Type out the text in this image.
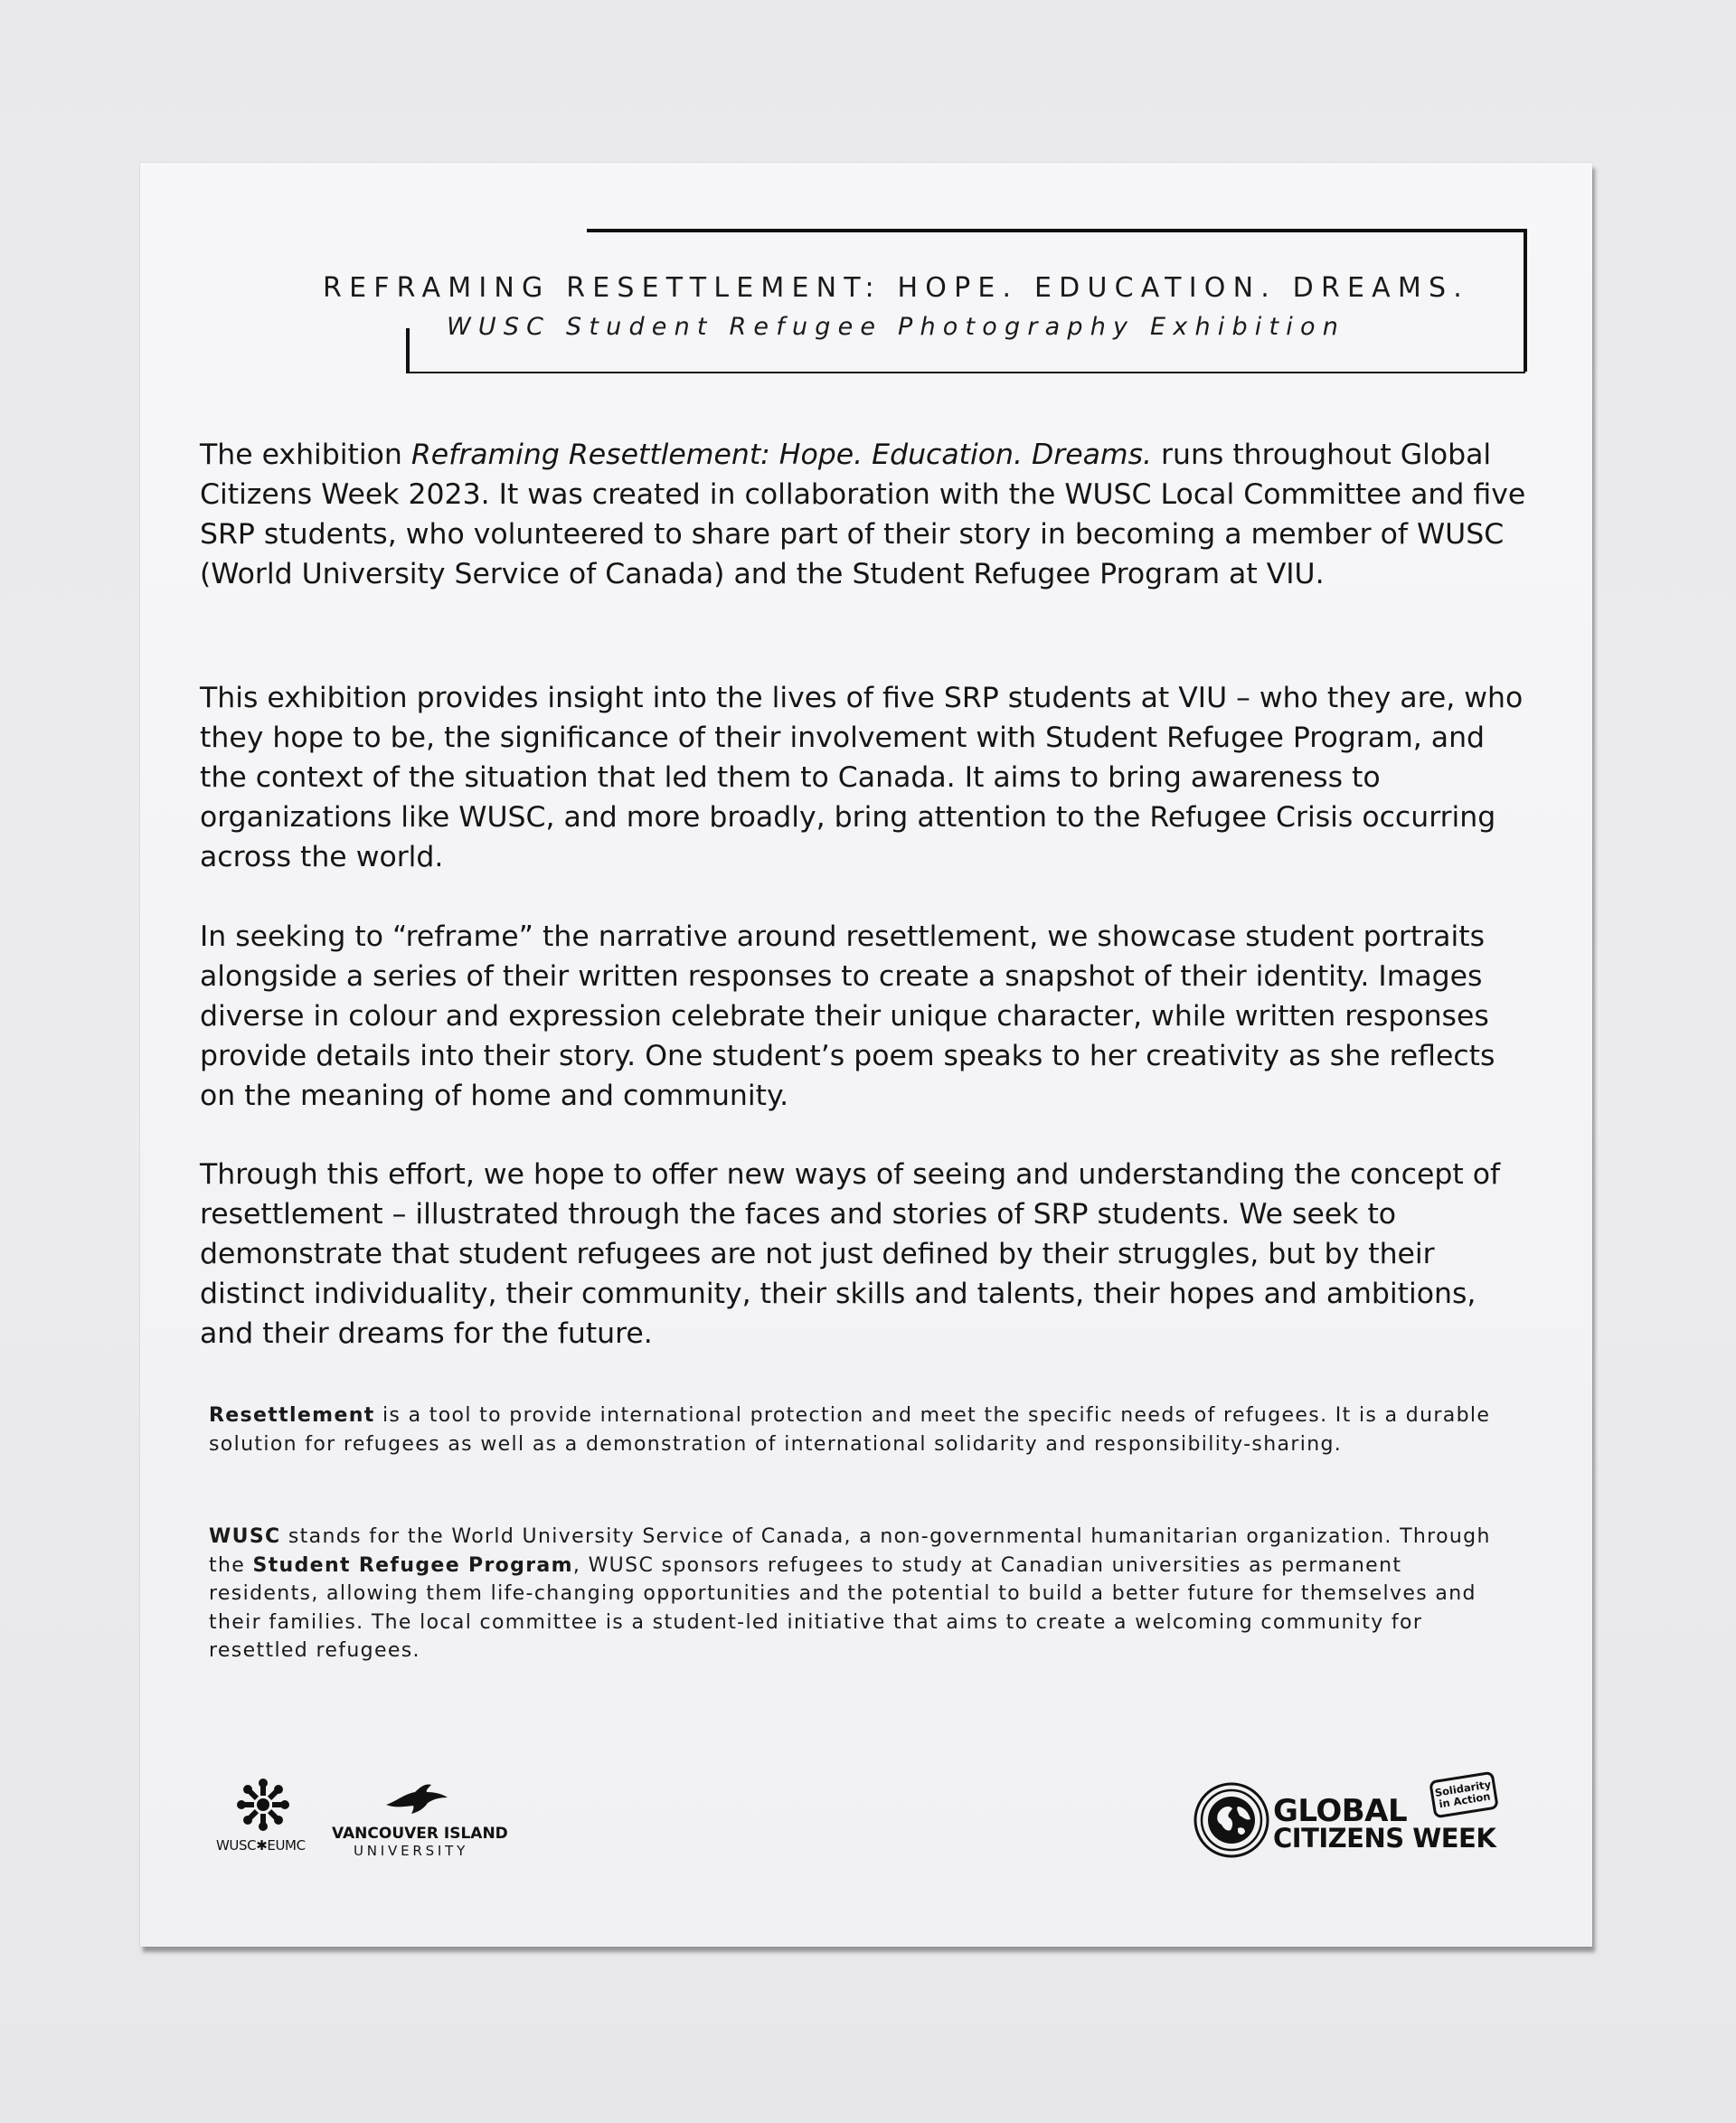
REFRAMING RESETTLEMENT: HOPE. EDUCATION. DREAMS.
WUSC Student Refugee Photography Exhibition

The exhibition Reframing Resettlement: Hope. Education. Dreams. runs throughout Global Citizens Week 2023. It was created in collaboration with the WUSC Local Committee and five SRP students, who volunteered to share part of their story in becoming a member of WUSC (World University Service of Canada) and the Student Refugee Program at VIU.

This exhibition provides insight into the lives of five SRP students at VIU – who they are, who they hope to be, the significance of their involvement with Student Refugee Program, and the context of the situation that led them to Canada. It aims to bring awareness to organizations like WUSC, and more broadly, bring attention to the Refugee Crisis occurring across the world.

In seeking to “reframe” the narrative around resettlement, we showcase student portraits alongside a series of their written responses to create a snapshot of their identity. Images diverse in colour and expression celebrate their unique character, while written responses provide details into their story. One student’s poem speaks to her creativity as she reflects on the meaning of home and community.

Through this effort, we hope to offer new ways of seeing and understanding the concept of resettlement – illustrated through the faces and stories of SRP students. We seek to demonstrate that student refugees are not just defined by their struggles, but by their distinct individuality, their community, their skills and talents, their hopes and ambitions, and their dreams for the future.

Resettlement is a tool to provide international protection and meet the specific needs of refugees. It is a durable solution for refugees as well as a demonstration of international solidarity and responsibility-sharing.

WUSC stands for the World University Service of Canada, a non-governmental humanitarian organization. Through the Student Refugee Program, WUSC sponsors refugees to study at Canadian universities as permanent residents, allowing them life-changing opportunities and the potential to build a better future for themselves and their families. The local committee is a student-led initiative that aims to create a welcoming community for resettled refugees.

WUSC✱EUMC
VANCOUVER ISLAND
UNIVERSITY
GLOBAL
CITIZENS WEEK
Solidarity in Action
